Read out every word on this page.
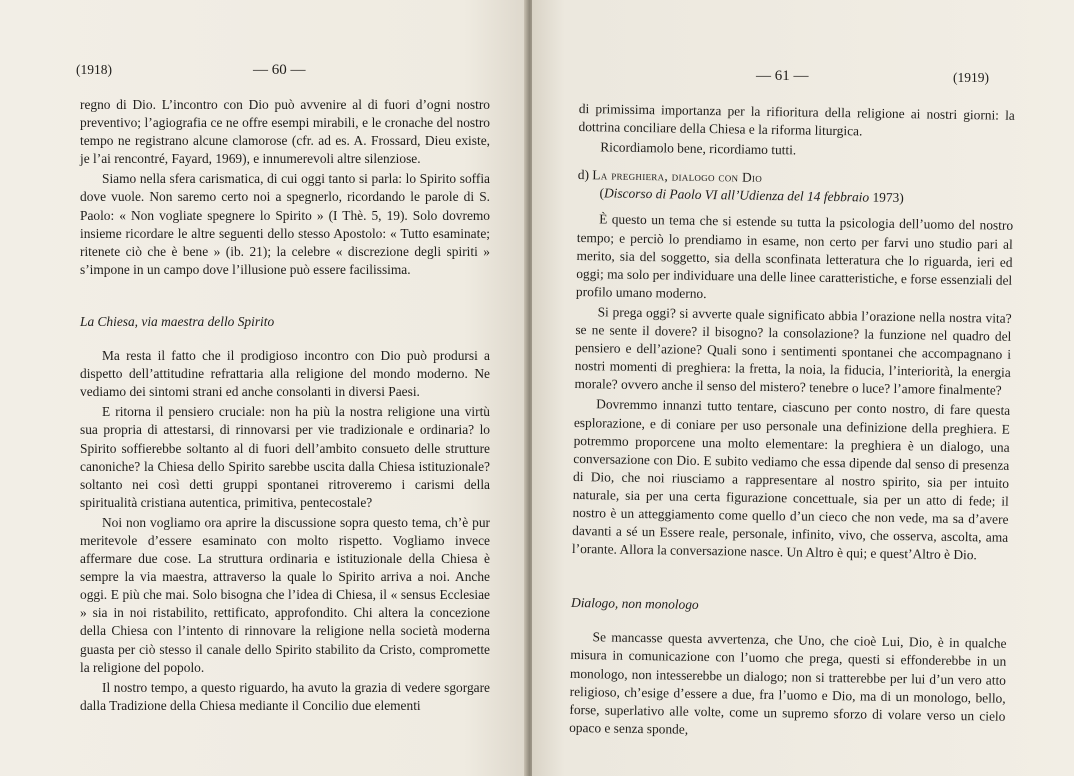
(1918)	— 60 —

regno di Dio. L’incontro con Dio può avvenire al di fuori d’ogni nostro preventivo; l’agiografia ce ne offre esempi mirabili, e le cronache del nostro tempo ne registrano alcune clamorose (cfr. ad es. A. Frossard, Dieu existe, je l’ai rencontré, Fayard, 1969), e innumerevoli altre silenziose.

Siamo nella sfera carismatica, di cui oggi tanto si parla: lo Spirito soffia dove vuole. Non saremo certo noi a spegnerlo, ricordando le parole di S. Paolo: « Non vogliate spegnere lo Spirito » (I Thè. 5, 19). Solo dovremo insieme ricordare le altre seguenti dello stesso Apostolo: « Tutto esaminate; ritenete ciò che è bene » (ib. 21); la celebre « discrezione degli spiriti » s’impone in un campo dove l’illusione può essere facilissima.

La Chiesa, via maestra dello Spirito

Ma resta il fatto che il prodigioso incontro con Dio può prodursi a dispetto dell’attitudine refrattaria alla religione del mondo moderno. Ne vediamo dei sintomi strani ed anche consolanti in diversi Paesi.

E ritorna il pensiero cruciale: non ha più la nostra religione una virtù sua propria di attestarsi, di rinnovarsi per vie tradizionale e ordinaria? lo Spirito soffierebbe soltanto al di fuori dell’ambito consueto delle strutture canoniche? la Chiesa dello Spirito sarebbe uscita dalla Chiesa istituzionale? soltanto nei così detti gruppi spontanei ritroveremo i carismi della spiritualità cristiana autentica, primitiva, pentecostale?

Noi non vogliamo ora aprire la discussione sopra questo tema, ch’è pur meritevole d’essere esaminato con molto rispetto. Vogliamo invece affermare due cose. La struttura ordinaria e istituzionale della Chiesa è sempre la via maestra, attraverso la quale lo Spirito arriva a noi. Anche oggi. E più che mai. Solo bisogna che l’idea di Chiesa, il « sensus Ecclesiae » sia in noi ristabilito, rettificato, approfondito. Chi altera la concezione della Chiesa con l’intento di rinnovare la religione nella società moderna guasta per ciò stesso il canale dello Spirito stabilito da Cristo, compromette la religione del popolo.

Il nostro tempo, a questo riguardo, ha avuto la grazia di vedere sgorgare dalla Tradizione della Chiesa mediante il Concilio due elementi

— 61 —	(1919)

di primissima importanza per la rifioritura della religione ai nostri giorni: la dottrina conciliare della Chiesa e la riforma liturgica.

Ricordiamolo bene, ricordiamo tutti.

d) La preghiera, dialogo con Dio

(Discorso di Paolo VI all’Udienza del 14 febbraio 1973)

È questo un tema che si estende su tutta la psicologia dell’uomo del nostro tempo; e perciò lo prendiamo in esame, non certo per farvi uno studio pari al merito, sia del soggetto, sia della sconfinata letteratura che lo riguarda, ieri ed oggi; ma solo per individuare una delle linee caratteristiche, e forse essenziali del profilo umano moderno.

Si prega oggi? si avverte quale significato abbia l’orazione nella nostra vita? se ne sente il dovere? il bisogno? la consolazione? la funzione nel quadro del pensiero e dell’azione? Quali sono i sentimenti spontanei che accompagnano i nostri momenti di preghiera: la fretta, la noia, la fiducia, l’interiorità, la energia morale? ovvero anche il senso del mistero? tenebre o luce? l’amore finalmente?

Dovremmo innanzi tutto tentare, ciascuno per conto nostro, di fare questa esplorazione, e di coniare per uso personale una definizione della preghiera. E potremmo proporcene una molto elementare: la preghiera è un dialogo, una conversazione con Dio. E subito vediamo che essa dipende dal senso di presenza di Dio, che noi riusciamo a rappresentare al nostro spirito, sia per intuito naturale, sia per una certa figurazione concettuale, sia per un atto di fede; il nostro è un atteggiamento come quello d’un cieco che non vede, ma sa d’avere davanti a sé un Essere reale, personale, infinito, vivo, che osserva, ascolta, ama l’orante. Allora la conversazione nasce. Un Altro è qui; e quest’Altro è Dio.

Dialogo, non monologo

Se mancasse questa avvertenza, che Uno, che cioè Lui, Dio, è in qualche misura in comunicazione con l’uomo che prega, questi si effonderebbe in un monologo, non intesserebbe un dialogo; non si tratterebbe per lui d’un vero atto religioso, ch’esige d’essere a due, fra l’uomo e Dio, ma di un monologo, bello, forse, superlativo alle volte, come un supremo sforzo di volare verso un cielo opaco e senza sponde,
